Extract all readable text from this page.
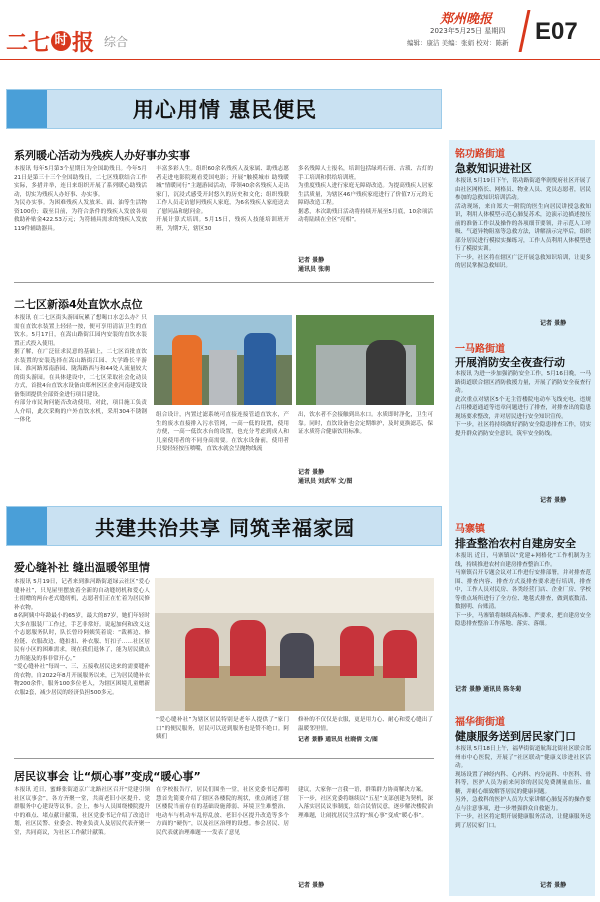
二七 时 报 综合
郑州晚报
2023年5月25日 星期四
编辑：康洁 美编：张娟 校对：陈新 E07
用心用情 惠民便民
系列暖心活动为残疾人办好事办实事
本报讯 每年5月第3个星期日为全国助残日。今年5月21日是第三十三个全国助残日，二七区残联结合工作实际，多措并举，连日来组织开展了系列暖心助残活动，切实为残疾人办好事、办实事。
为民办实事。为困难残疾人发放米、面、油等生活物资100份；载至目前，为符合条件的残疾人发放各项救助补贴金422.53万元；为符辅具需求的残疾人发放119件辅助器具。
丰富多彩人生。组织60余名残疾人及家属、助残志愿者走进电影院观看爱国电影；开展“触摸城市 助残暖城”情暖同行”主题游园活动，带领40余名残疾人走出家门，沉浸式感受开封悠久的历史和文化；组织残联工作人员走访慰问残疾人家庭，为6名残疾人家庭送去了慰问品和慰问金。
开展计算式培训。5月15日，残疾人技能培训班开班，为期7天，辖区30
多名残障人士报名，培训包括绿鸡石膏、古琐、古灯的手工培训和供给培训班。
为重度残疾人进行家庭无障碍改造。为提高残疾人居家生活质量，为辖区46户残疾家庭进行了价值7万元的无障碍改造工程。
据悉，本次助残日活动将持续开展至5月底，10余项活动将陆续在全区“亮相”。
记者 景静
通讯员 张萌
二七区新添4处直饮水点位
本报讯 在二七区街头游园玩累了想喝口水怎么办？只需在直饮水装置上轻轻一按，便可享用清洁卫生的直饮水。5月17日，在嵩山路街江园内安装的直饮水装置正式投入使用。
据了解，在广泛征求民意的基础上，二七区首批直饮水装置的安装选择在嵩山路街江园、大学路长平游园、淮河路郑南游园、陇海路西与和44处人流量较大的街头游园。在具体建设中，二七区采取社会化动员方式，首批4台直饮水设备由郑州区区企业河南建发设备集团提供全部资金进行项目建设。
有部分市民询问能否改动使用，对此，项目施工负责人介绍，此次采购的户外直饮水机，采用304不锈钢一体化
组合设计，内置过滤系统可直接连接管道直饮水，产生的废水直接排入污水管网，一高一低的设置，使用方便，一高一低饮水台的设置，也充分考虑到成人和儿童使用者的不同身高需要。在饮水设备前，使用者只要轻轻按压喷嘴，直饮水就会呈抛物线流
出，饮水者不会接触到出水口。水质即时净化，卫生可靠。同时，直饮设备也会定期维护，及时更换滤芯，保证水质符合健康饮用标准。
记者 景静
通讯员 刘武军 文/图
共建共治共享 同筑幸福家园
爱心缝补社 缝出温暖邻里情
本报讯 5月19日，记者来到淮河路街道绿云社区“爱心缝补社”，只见屋里摆放着全新的自动缝纫机和爱心人士捐赠的两台老式缝纫机，志愿者们正在忙着为居民修补衣物。
8名阿姨中年龄最小的65岁，最大的87岁，她们年轻时大多在服装厂工作过，手艺非常好。说起加何和改义这个志愿服务队时，队长曾玲阿姨笑着说：“裁裤边、修拉链、衣服改边、缝扣扣、补衣服、钉扣子……社区居民有小区的困难需求，现在我们退休了，能为居民做点力所能及的事非常开心。”
“爱心缝补社”每周一、三、五接收居民送来的需要缝补的衣物。自2022年8月开展服务以来，已为居民缝补衣物200余件，服务100多位老人，为辖区困境儿童赠新衣服2套，减少居民的经济负担500多元。
“爱心缝补社”为辖区居民特别是老年人提供了“家门口”的便民服务，居民可以送到服务也是赞不绝口。阿姨们
修补的不仅仅是衣服，更是用力心、耐心和爱心缝出了温暖邻里情。
记者 景静 通讯员 杜晓倩 文/图
居民议事会 让“烦心事”变成“暖心事”
本报讯 近日，蜜蜂张街道京广北路社区召开“党建引领社区议事会”，各方齐聚一堂，共商老旧小区提升、党群服务中心建设等议事。会上，参与人员围绕楼院提升中的难点、堵点献计献策，社区党委书记介绍了改造计划，社区民警、业委会、物业负责人及居民代表齐聚一堂，共同商议，为社区工作献计献策。
在学校报告厅，居民们围坐一堂，社区党委书记都明慧首先简要介绍了辖区各楼院的现状，重点阐述了辖区楼院当前存在的基础设施薄弱、环境卫生难整治、电动车与机动车乱停乱放、老旧小区提升改造等多个方面的“硬伤”，以及社区治理的设想。参会居民、居民代表就治理难题一一发表了意见
建议，大家你一言我一语，群策群力协商解决方案。
下一步，社区党委将继续以“五星”支部创建为契机，深入落实居民议事制度，结合民情民意，逐步解决楼院治理难题，让闹扰居民生活的“烦心事”变成“暖心事”。
记者 景静
铭功路街道
急救知识进社区
本报讯 5月19日下午，铭功路街道华润悦府社区开展了由社区网格长、网格员、物业人员、党员志愿者，居民参加的急救知识培训活动。
活动现场，来自郑大一附院的医生向居民讲授急救知识，利用人体模型示范心肺复苏术，边演示边描述按压前的准备工作以及操作的各项细节要领，并示范人工呼吸、气道异物阻塞等急救方法，讲解演示完毕后，组织部分居民进行模拟实操练习，工作人员利用人体模型进行了模拟实训。
下一步，社区将在辖区广泛开展急救知识培训，让更多的居民掌握急救知识。
记者 景静
一马路街道
开展消防安全夜查行动
本报讯 为进一步加强消防安全工作，5月16日晚，一马路街道联合辖区消防救援力量，开展了消防安全夜查行动。
此次重点对辖区5个无主管楼院电动车飞线充电、违规占用楼道通道等违章问题进行了排查，对排查出的隐患现场要求整改，并对居民进行安全知识宣传。
下一步，社区将持续做好消防安全隐患排查工作，切实提升群众消防安全意识，筑牢安全防线。
记者 景静
马寨镇
排查整治农村自建房安全
本报讯 近日，马寨镇以“党建+网格化”工作机制为主线，持续推进农村自建房排查整治工作。
马寨镇召开专题会议对工作进行安排部署，并对排查范围、排查内容、排查方式及排查要求进行培训，排查中，工作人员对民房、各类经营门店、企业厂房、学校等重点场所进行了全方位、地毯式排查，做到底数清、数据明、台账清。
下一步，马寨镇将继续高标准、严要求，把自建房安全隐患排查整治工作落地、落实、落细。
记者 景静 通讯员 陈冬菊
福华街街道
健康服务送到居民家门口
本报讯 5月18日上午，福华街街道航海北街社区联合郑州市中心医院，开展了“社区联动”健康义诊进社区活动。
现场设置了神经内科、心内科、内分泌科、中医科、骨科等，医护人员为前来问诊的居民免费测量血压、血糖，并耐心细致解答居民的健康问题。
另外，急救科的医护人员为大家讲解心肺复苏的操作要点与注意事项，进一步增强群众自救能力。
下一步，社区将定期开展健康服务活动，让健康服务送到了居民家门口。
记者 景静
